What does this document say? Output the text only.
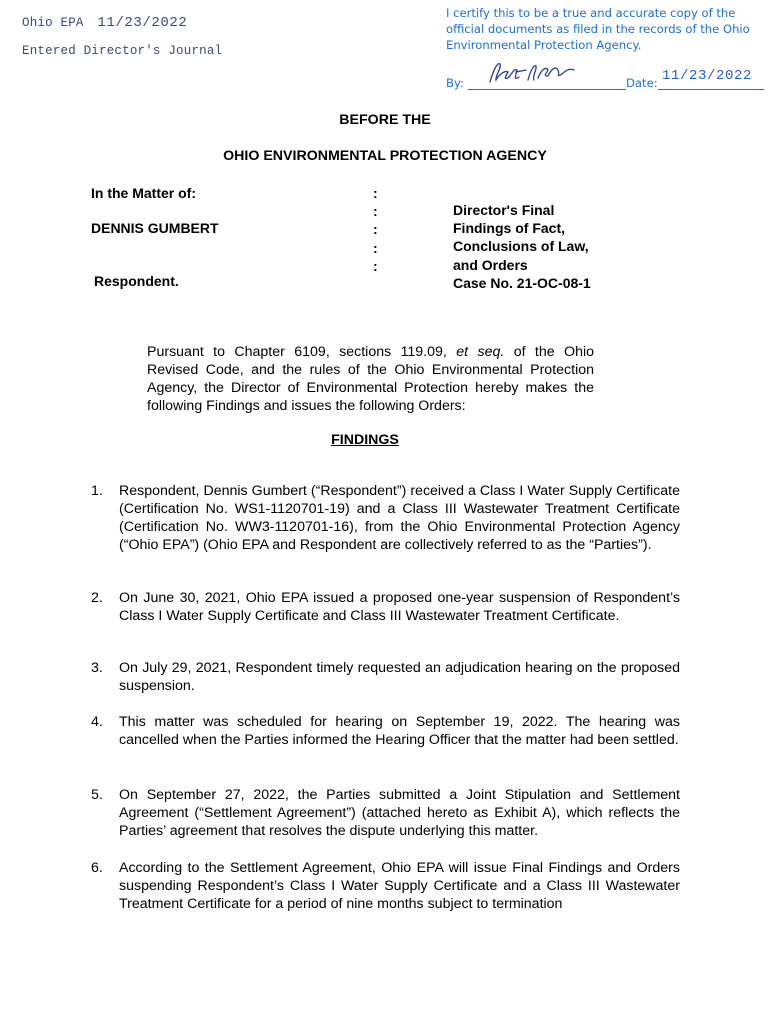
Ohio EPA 11/23/2022
Entered Director's Journal
I certify this to be a true and accurate copy of the
official documents as filed in the records of the Ohio
Environmental Protection Agency.
By:	Date: 11/23/2022
BEFORE THE
OHIO ENVIRONMENTAL PROTECTION AGENCY
In the Matter of:
DENNIS GUMBERT
Respondent.
:
:
:
:
:
Director's Final
Findings of Fact,
Conclusions of Law,
and Orders
Case No. 21-OC-08-1

Pursuant to Chapter 6109, sections 119.09, et seq. of the Ohio Revised Code, and the rules of the Ohio Environmental Protection Agency, the Director of Environmental Protection hereby makes the following Findings and issues the following Orders:

FINDINGS
1. Respondent, Dennis Gumbert (“Respondent”) received a Class I Water Supply Certificate (Certification No. WS1-1120701-19) and a Class III Wastewater Treatment Certificate (Certification No. WW3-1120701-16), from the Ohio Environmental Protection Agency (“Ohio EPA”) (Ohio EPA and Respondent are collectively referred to as the “Parties”).
2. On June 30, 2021, Ohio EPA issued a proposed one-year suspension of Respondent’s Class I Water Supply Certificate and Class III Wastewater Treatment Certificate.
3. On July 29, 2021, Respondent timely requested an adjudication hearing on the proposed suspension.
4. This matter was scheduled for hearing on September 19, 2022. The hearing was cancelled when the Parties informed the Hearing Officer that the matter had been settled.
5. On September 27, 2022, the Parties submitted a Joint Stipulation and Settlement Agreement (“Settlement Agreement”) (attached hereto as Exhibit A), which reflects the Parties’ agreement that resolves the dispute underlying this matter.
6. According to the Settlement Agreement, Ohio EPA will issue Final Findings and Orders suspending Respondent’s Class I Water Supply Certificate and a Class III Wastewater Treatment Certificate for a period of nine months subject to termination
